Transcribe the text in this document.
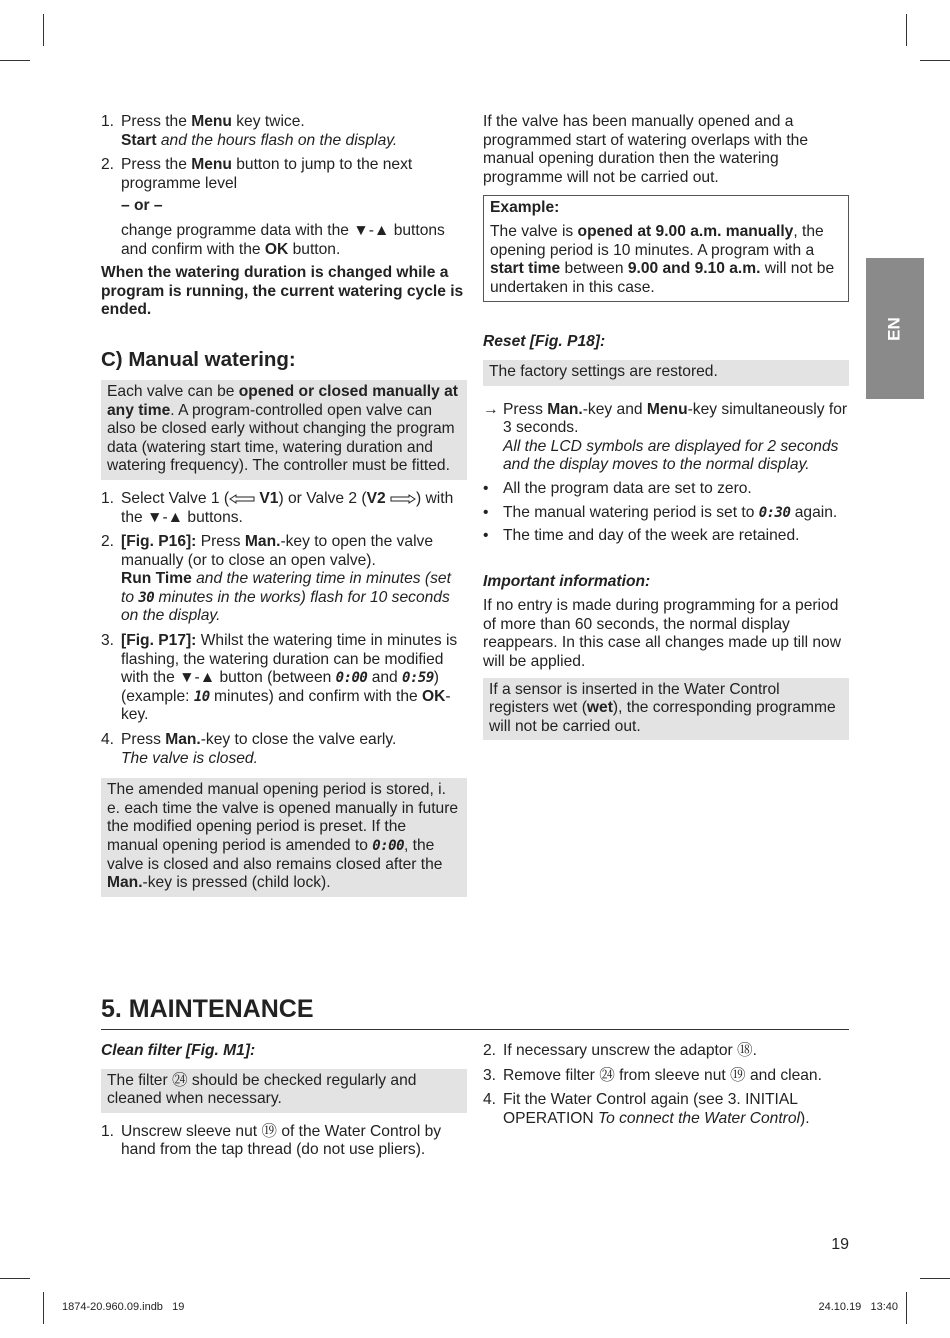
EN
1. Press the Menu key twice.
Start and the hours flash on the display.
2. Press the Menu button to jump to the next programme level

– or –

change programme data with the ▼-▲ buttons and confirm with the OK button.

When the watering duration is changed while a program is running, the current watering cycle is ended.

C) Manual watering:

Each valve can be opened or closed manually at any time. A program-controlled open valve can also be closed early without changing the program data (watering start time, watering duration and watering frequency). The controller must be fitted.
1. Select Valve 1 ( V1) or Valve 2 (V2 ) with the ▼-▲ buttons.
2. [Fig. P16]: Press Man.-key to open the valve manually (or to close an open valve).
Run Time and the watering time in minutes (set to 30 minutes in the works) flash for 10 seconds on the display.
3. [Fig. P17]: Whilst the watering time in minutes is flashing, the watering duration can be modified with the ▼-▲ button (between 0:00 and 0:59) (example: 10 minutes) and confirm with the OK-key.
4. Press Man.-key to close the valve early.
The valve is closed.
The amended manual opening period is stored, i. e. each time the valve is opened manually in future the modified opening period is preset. If the manual opening period is amended to 0:00, the valve is closed and also remains closed after the Man.-key is pressed (child lock).

If the valve has been manually opened and a programmed start of watering overlaps with the manual opening duration then the watering programme will not be carried out.

Example:

The valve is opened at 9.00 a.m. manually, the opening period is 10 minutes. A program with a start time between 9.00 and 9.10 a.m. will not be undertaken in this case.

Reset [Fig. P18]:

The factory settings are restored.
→ Press Man.-key and Menu-key simultaneously for 3 seconds.
All the LCD symbols are displayed for 2 seconds and the display moves to the normal display.
• All the program data are set to zero.
• The manual watering period is set to 0:30 again.
• The time and day of the week are retained.

Important information:

If no entry is made during programming for a period of more than 60 seconds, the normal display reappears. In this case all changes made up till now will be applied.

If a sensor is inserted in the Water Control registers wet (wet), the corresponding programme will not be carried out.

5. MAINTENANCE

Clean filter [Fig. M1]:

The filter ㉔ should be checked regularly and cleaned when necessary.
1. Unscrew sleeve nut ⑲ of the Water Control by hand from the tap thread (do not use pliers).
2. If necessary unscrew the adaptor ⑱.
3. Remove filter ㉔ from sleeve nut ⑲ and clean.
4. Fit the Water Control again (see 3. INITIAL OPERATION To connect the Water Control).
19
1874-20.960.09.indb   19	24.10.19   13:40
